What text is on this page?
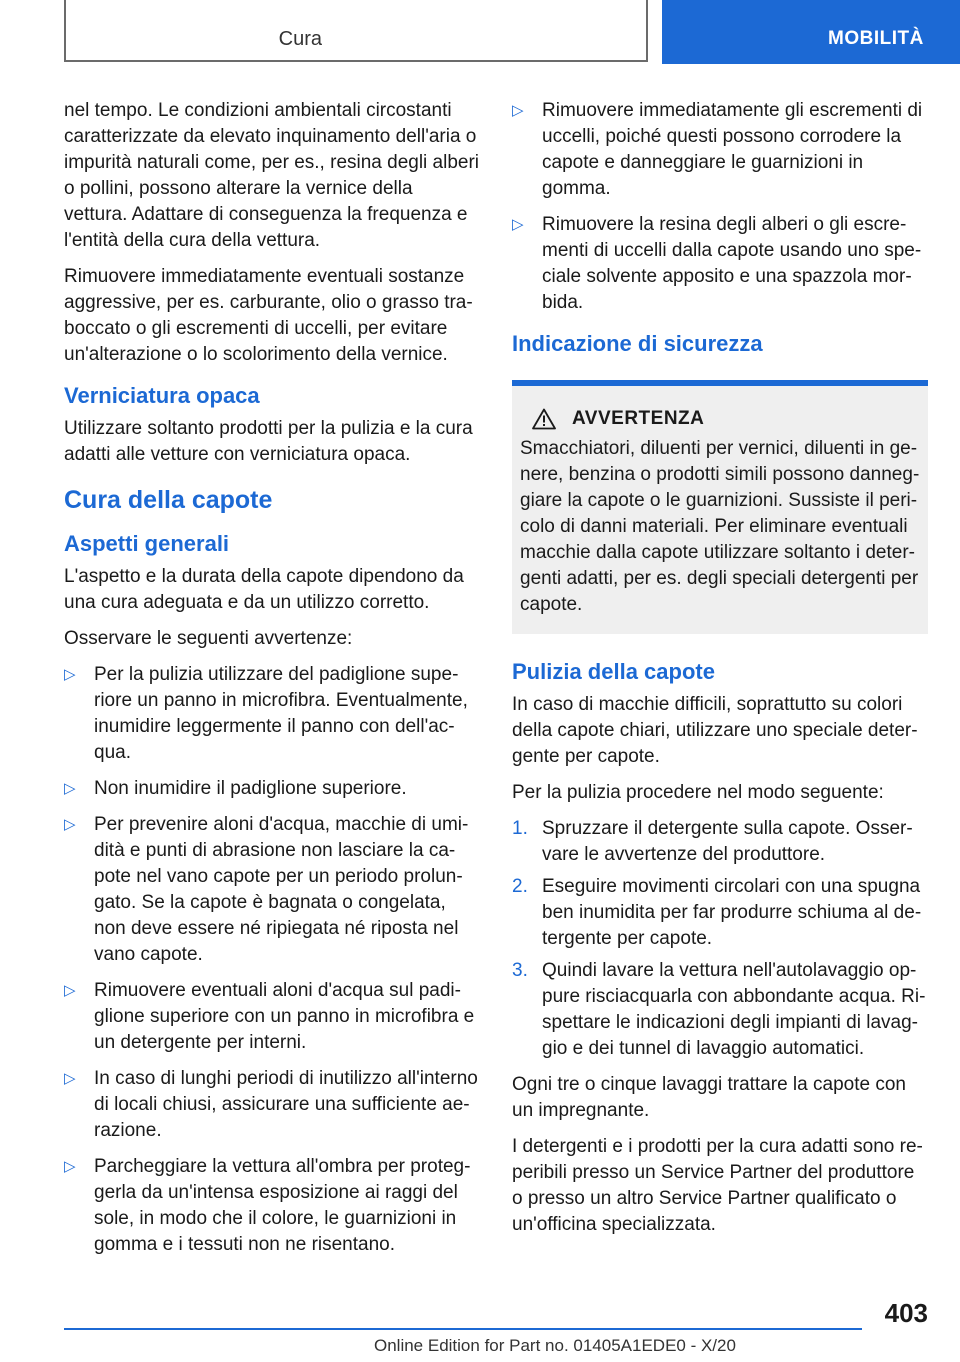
Cura	MOBILITÀ

nel tempo. Le condizioni ambientali circostanti caratterizzate da elevato inquinamento dell'aria o impurità naturali come, per es., resina degli alberi o pollini, possono alterare la vernice della vettura. Adattare di conseguenza la frequenza e l'entità della cura della vettura.

Rimuovere immediatamente eventuali sostanze aggressive, per es. carburante, olio o grasso traboccato o gli escrementi di uccelli, per evitare un'alterazione o lo scolorimento della vernice.

Verniciatura opaca

Utilizzare soltanto prodotti per la pulizia e la cura adatti alle vetture con verniciatura opaca.

Cura della capote
Aspetti generali

L'aspetto e la durata della capote dipendono da una cura adeguata e da un utilizzo corretto.

Osservare le seguenti avvertenze:

▷ Per la pulizia utilizzare del padiglione superiore un panno in microfibra. Eventualmente, inumidire leggermente il panno con dell'acqua.
▷ Non inumidire il padiglione superiore.
▷ Per prevenire aloni d'acqua, macchie di umidità e punti di abrasione non lasciare la capote nel vano capote per un periodo prolungato. Se la capote è bagnata o congelata, non deve essere né ripiegata né riposta nel vano capote.
▷ Rimuovere eventuali aloni d'acqua sul padiglione superiore con un panno in microfibra e un detergente per interni.
▷ In caso di lunghi periodi di inutilizzo all'interno di locali chiusi, assicurare una sufficiente aerazione.
▷ Parcheggiare la vettura all'ombra per proteggerla da un'intensa esposizione ai raggi del sole, in modo che il colore, le guarnizioni in gomma e i tessuti non ne risentano.
▷ Rimuovere immediatamente gli escrementi di uccelli, poiché questi possono corrodere la capote e danneggiare le guarnizioni in gomma.
▷ Rimuovere la resina degli alberi o gli escrementi di uccelli dalla capote usando uno speciale solvente apposito e una spazzola morbida.
Indicazione di sicurezza
AVVERTENZA

Smacchiatori, diluenti per vernici, diluenti in genere, benzina o prodotti simili possono danneggiare la capote o le guarnizioni. Sussiste il pericolo di danni materiali. Per eliminare eventuali macchie dalla capote utilizzare soltanto i detergenti adatti, per es. degli speciali detergenti per capote.

Pulizia della capote

In caso di macchie difficili, soprattutto su colori della capote chiari, utilizzare uno speciale detergente per capote.

Per la pulizia procedere nel modo seguente:

1. Spruzzare il detergente sulla capote. Osservare le avvertenze del produttore.
2. Eseguire movimenti circolari con una spugna ben inumidita per far produrre schiuma al detergente per capote.
3. Quindi lavare la vettura nell'autolavaggio oppure risciacquarla con abbondante acqua. Rispettare le indicazioni degli impianti di lavaggio e dei tunnel di lavaggio automatici.

Ogni tre o cinque lavaggi trattare la capote con un impregnante.

I detergenti e i prodotti per la cura adatti sono reperibili presso un Service Partner del produttore o presso un altro Service Partner qualificato o un'officina specializzata.

403
Online Edition for Part no. 01405A1EDE0 - X/20
